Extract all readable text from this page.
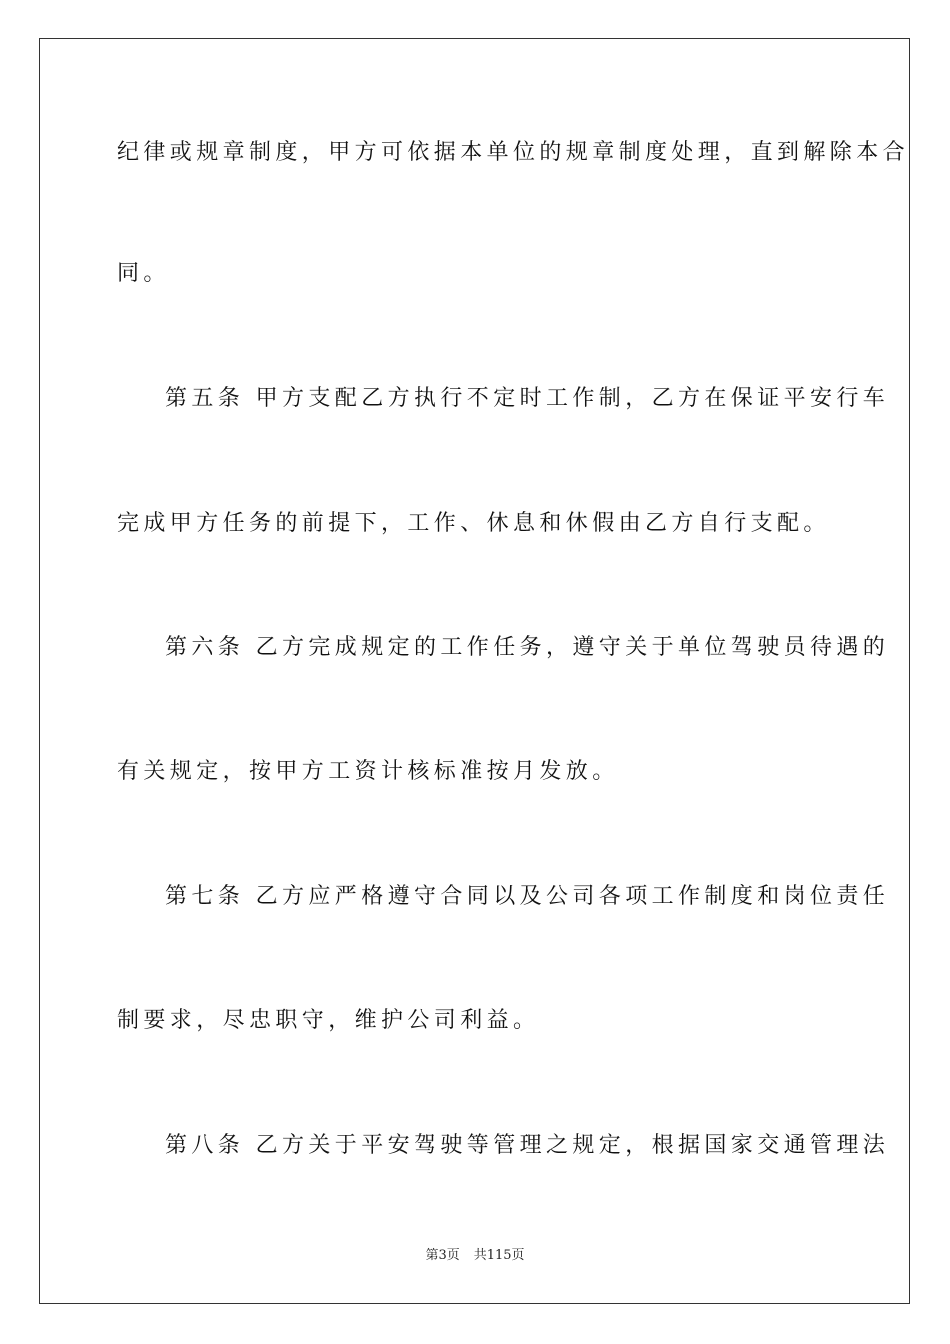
纪律或规章制度，甲方可依据本单位的规章制度处理，直到解除本合
同。
第五条 甲方支配乙方执行不定时工作制，乙方在保证平安行车
完成甲方任务的前提下，工作、休息和休假由乙方自行支配。
第六条 乙方完成规定的工作任务，遵守关于单位驾驶员待遇的
有关规定，按甲方工资计核标准按月发放。
第七条 乙方应严格遵守合同以及公司各项工作制度和岗位责任
制要求，尽忠职守，维护公司利益。
第八条 乙方关于平安驾驶等管理之规定，根据国家交通管理法
第3页 共115页
